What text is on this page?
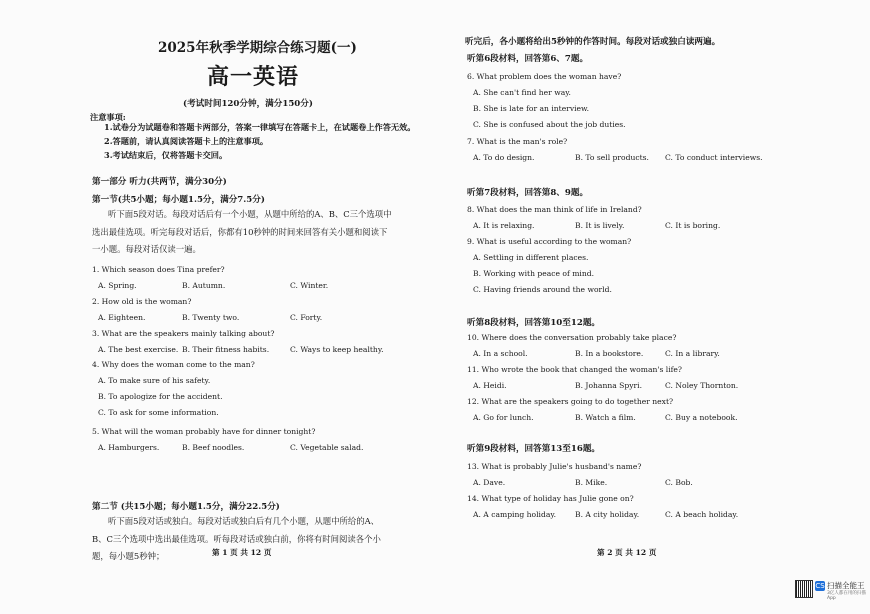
2025年秋季学期综合练习题(一)
高一英语
(考试时间120分钟，满分150分)
注意事项:
1.试卷分为试题卷和答题卡两部分，答案一律填写在答题卡上，在试题卷上作答无效。
2.答题前，请认真阅读答题卡上的注意事项。
3.考试结束后，仅将答题卡交回。
第一部分 听力(共两节，满分30分)
第一节(共5小题；每小题1.5分，满分7.5分)
听下面5段对话。每段对话后有一个小题，从题中所给的A、B、C三个选项中选出最佳选项。听完每段对话后，你都有10秒钟的时间来回答有关小题和阅读下一小题。每段对话仅读一遍。
1. Which season does Tina prefer?
A. Spring.	B. Autumn.	C. Winter.
2. How old is the woman?
A. Eighteen.	B. Twenty two.	C. Forty.
3. What are the speakers mainly talking about?
A. The best exercise. B. Their fitness habits.	C. Ways to keep healthy.
4. Why does the woman come to the man?
A. To make sure of his safety.
B. To apologize for the accident.
C. To ask for some information.
5. What will the woman probably have for dinner tonight?
A. Hamburgers.	B. Beef noodles.	C. Vegetable salad.
第二节 (共15小题；每小题1.5分，满分22.5分)
听下面5段对话或独白。每段对话或独白后有几个小题，从题中所给的A、B、C三个选项中选出最佳选项。听每段对话或独白前，你将有时间阅读各个小题，每小题5秒钟；	第 1 页 共 12 页
听完后，各小题将给出5秒钟的作答时间。每段对话或独白读两遍。
听第6段材料，回答第6、7题。
6. What problem does the woman have?
A. She can't find her way.
B. She is late for an interview.
C. She is confused about the job duties.
7. What is the man's role?
A. To do design.	B. To sell products. C. To conduct interviews.
听第7段材料，回答第8、9题。
8. What does the man think of life in Ireland?
A. It is relaxing.	B. It is lively.	C. It is boring.
9. What is useful according to the woman?
A. Settling in different places.
B. Working with peace of mind.
C. Having friends around the world.
听第8段材料，回答第10至12题。
10. Where does the conversation probably take place?
A. In a school.	B. In a bookstore.	C. In a library.
11. Who wrote the book that changed the woman's life?
A. Heidi.	B. Johanna Spyri.	C. Noley Thornton.
12. What are the speakers going to do together next?
A. Go for lunch.	B. Watch a film.	C. Buy a notebook.
听第9段材料，回答第13至16题。
13. What is probably Julie's husband's name?
A. Dave.	B. Mike.	C. Bob.
14. What type of holiday has Julie gone on?
A. A camping holiday. B. A city holiday.	C. A beach holiday.
第 2 页 共 12 页
CS 扫描全能王
3亿人都在用的扫描App
